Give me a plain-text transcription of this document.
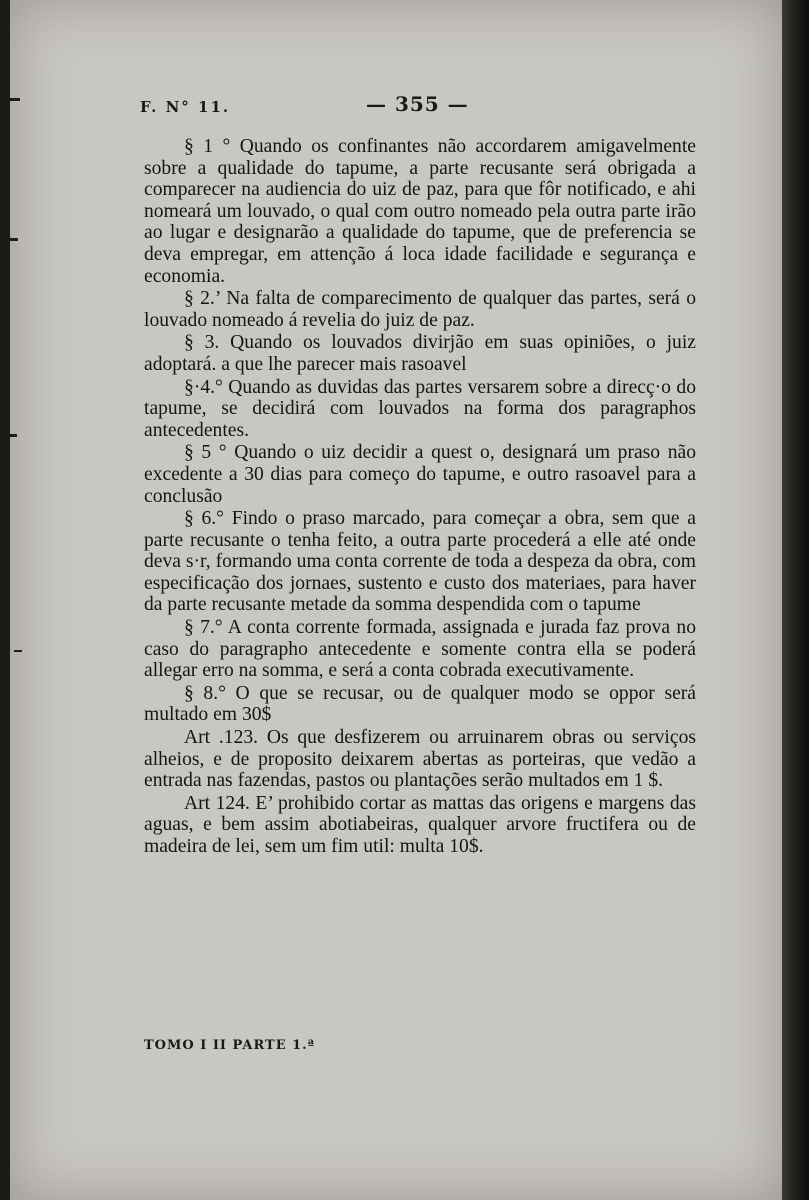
F. N° 11.	— 355 —

§ 1 ° Quando os confinantes não accordarem amigavelmente sobre a qualidade do tapume, a parte recusante será obrigada a comparecer na audiencia do uiz de paz, para que fôr notificado, e ahi nomeará um louvado, o qual com outro nomeado pela outra parte irão ao lugar e designarão a qualidade do tapume, que de preferencia se deva empregar, em attenção á loca idade facilidade e segurança e economia.

§ 2.’ Na falta de comparecimento de qualquer das partes, será o louvado nomeado á revelia do juiz de paz.

§ 3. Quando os louvados divirjão em suas opiniões, o juiz adoptará. a que lhe parecer mais rasoavel

§·4.° Quando as duvidas das partes versarem sobre a direcç·o do tapume, se decidirá com louvados na forma dos paragraphos antecedentes.

§ 5 ° Quando o uiz decidir a quest o, designará um praso não excedente a 30 dias para começo do tapume, e outro rasoavel para a conclusão

§ 6.° Findo o praso marcado, para começar a obra, sem que a parte recusante o tenha feito, a outra parte procederá a elle até onde deva s·r, formando uma conta corrente de toda a despeza da obra, com especificação dos jornaes, sustento e custo dos materiaes, para haver da parte recusante metade da somma despendida com o tapume

§ 7.° A conta corrente formada, assignada e jurada faz prova no caso do paragrapho antecedente e somente contra ella se poderá allegar erro na somma, e será a conta cobrada executivamente.

§ 8.° O que se recusar, ou de qualquer modo se oppor será multado em 30$

Art .123. Os que desfizerem ou arruinarem obras ou serviços alheios, e de proposito deixarem abertas as porteiras, que vedão a entrada nas fazendas, pastos ou plantações serão multados em 1 $.

Art 124. E’ prohibido cortar as mattas das origens e margens das aguas, e bem assim abotiabeiras, qualquer arvore fructifera ou de madeira de lei, sem um fim util: multa 10$.

TOMO I II PARTE 1.ª
